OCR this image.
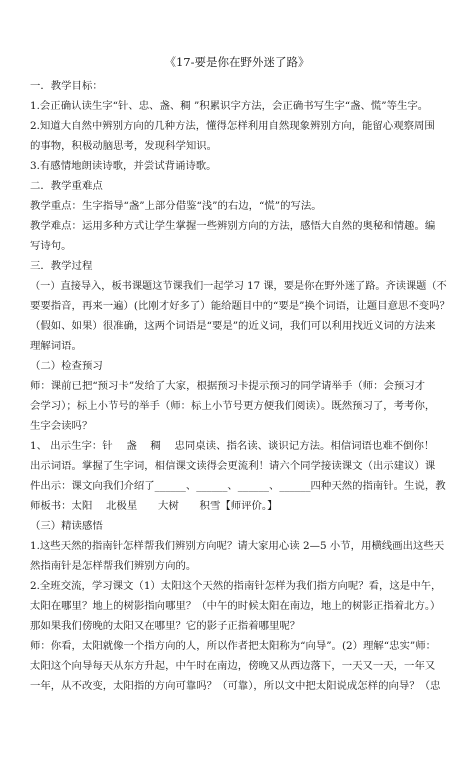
《17-要是你在野外迷了路》
一．教学目标：
1.会正确认读生字“针、忠、盏、稠 ”积累识字方法，会正确书写生字“盏、慌”等生字。
2.知道大自然中辨别方向的几种方法，懂得怎样利用自然现象辨别方向，能留心观察周围
的事物，积极动脑思考，发现科学知识。
3.有感情地朗读诗歌，并尝试背诵诗歌。
二．教学重难点
教学重点：生字指导“盏”上部分借鉴“浅”的右边，“慌”的写法。
教学难点：运用多种方式让学生掌握一些辨别方向的方法，感悟大自然的奥秘和情趣。编
写诗句。
三．教学过程
（一）直接导入，板书课题这节课我们一起学习 17 课，要是你在野外迷了路。齐读课题（不
要要指音，再来一遍）(比刚才好多了）能给题目中的“要是”换个词语，让题目意思不变吗？
（假如、如果）很准确，这两个词语是“要是”的近义词，我们可以利用找近义词的方法来
理解词语。
（二）检查预习
师：课前已把“预习卡”发给了大家，根据预习卡提示预习的同学请举手（师：会预习才
会学习）；标上小节号的举手（师：标上小节号更方便我们阅读）。既然预习了，考考你，
生字会读吗？
1、 出示生字：针　 盏　 稠　 忠同桌读、指名读、谈识记方法。相信词语也难不倒你！
出示词语。掌握了生字词，相信课文读得会更流利！请六个同学接读课文（出示建议）课
件出示：课文向我们介绍了______、______、______、______四种天然的指南针。生说，教
师板书：太阳　 北极星　　大树　　积雪【师评价。】
（三）精读感悟
1.这些天然的指南针怎样帮我们辨别方向呢？请大家用心读 2—5 小节，用横线画出这些天
然指南针是怎样帮我们辨别方向的。
2.全班交流，学习课文（1）太阳这个天然的指南针怎样为我们指方向呢？看，这是中午，
太阳在哪里？地上的树影指向哪里？（中午的时候太阳在南边，地上的树影正指着北方。）
那如果我们傍晚的太阳又在哪里？它的影子正指着哪里呢？
师：你看，太阳就像一个指方向的人，所以作者把太阳称为“向导”。(2）理解“忠实”师：
太阳这个向导每天从东方升起，中午时在南边，傍晚又从西边落下，一天又一天，一年又
一年，从不改变，太阳指的方向可靠吗？（可靠），所以文中把太阳说成怎样的向导？（忠
